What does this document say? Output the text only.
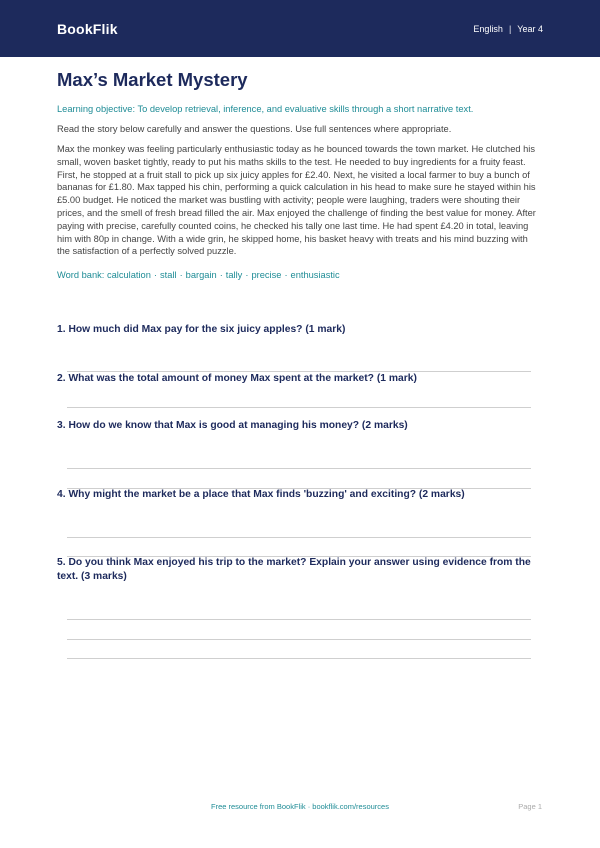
BookFlik	English | Year 4
Max’s Market Mystery

Learning objective: To develop retrieval, inference, and evaluative skills through a short narrative text.

Read the story below carefully and answer the questions. Use full sentences where appropriate.

Max the monkey was feeling particularly enthusiastic today as he bounced towards the town market. He clutched his small, woven basket tightly, ready to put his maths skills to the test. He needed to buy ingredients for a fruity feast. First, he stopped at a fruit stall to pick up six juicy apples for £2.40. Next, he visited a local farmer to buy a bunch of bananas for £1.80. Max tapped his chin, performing a quick calculation in his head to make sure he stayed within his £5.00 budget. He noticed the market was bustling with activity; people were laughing, traders were shouting their prices, and the smell of fresh bread filled the air. Max enjoyed the challenge of finding the best value for money. After paying with precise, carefully counted coins, he checked his tally one last time. He had spent £4.20 in total, leaving him with 80p in change. With a wide grin, he skipped home, his basket heavy with treats and his mind buzzing with the satisfaction of a perfectly solved puzzle.

Word bank: calculation · stall · bargain · tally · precise · enthusiastic

1. How much did Max pay for the six juicy apples? (1 mark)
2. What was the total amount of money Max spent at the market? (1 mark)
3. How do we know that Max is good at managing his money? (2 marks)
4. Why might the market be a place that Max finds 'buzzing' and exciting? (2 marks)
5. Do you think Max enjoyed his trip to the market? Explain your answer using evidence from the text. (3 marks)
Free resource from BookFlik · bookflik.com/resources	Page 1
